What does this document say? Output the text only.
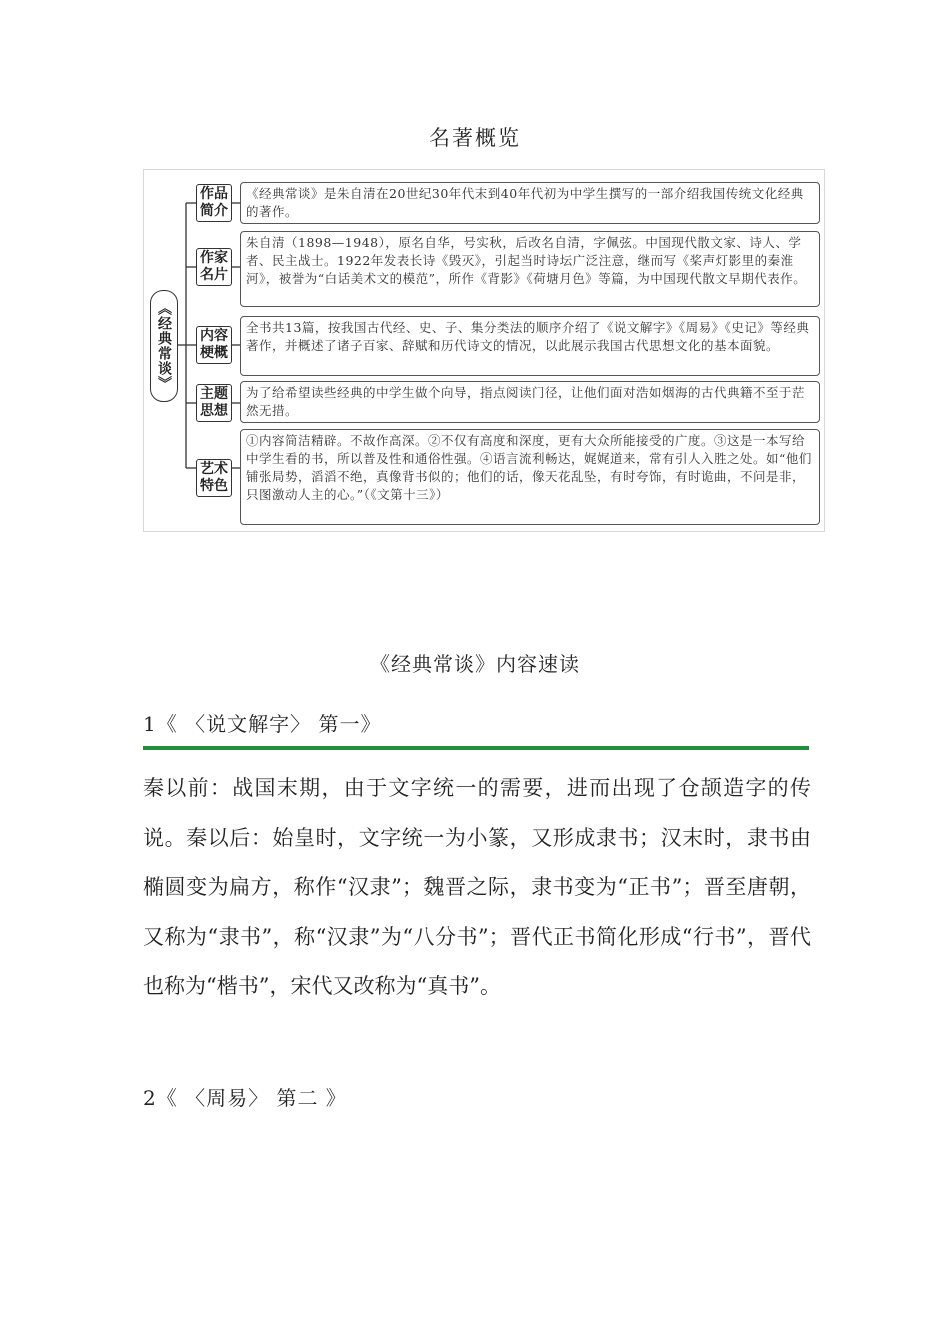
名著概览
《经典常谈》
作品简介
《经典常谈》是朱自清在20世纪30年代末到40年代初为中学生撰写的一部介绍我国传统文化经典的著作。
作家名片
朱自清（1898—1948），原名自华，号实秋，后改名自清，字佩弦。中国现代散文家、诗人、学者、民主战士。1922年发表长诗《毁灭》，引起当时诗坛广泛注意，继而写《桨声灯影里的秦淮河》，被誉为“白话美术文的模范”，所作《背影》《荷塘月色》等篇，为中国现代散文早期代表作。
内容梗概
全书共13篇，按我国古代经、史、子、集分类法的顺序介绍了《说文解字》《周易》《史记》等经典著作，并概述了诸子百家、辞赋和历代诗文的情况，以此展示我国古代思想文化的基本面貌。
主题思想
为了给希望读些经典的中学生做个向导，指点阅读门径，让他们面对浩如烟海的古代典籍不至于茫然无措。
艺术特色
①内容简洁精辟。不故作高深。②不仅有高度和深度，更有大众所能接受的广度。③这是一本写给中学生看的书，所以普及性和通俗性强。④语言流利畅达，娓娓道来，常有引人入胜之处。如“他们铺张局势，滔滔不绝，真像背书似的；他们的话，像天花乱坠，有时夸饰，有时诡曲，不问是非，只图激动人主的心。”（《文第十三》）
《经典常谈》内容速读
1《 〈说文解字〉 第一》
秦以前：战国末期，由于文字统一的需要，进而出现了仓颉造字的传说。秦以后：始皇时，文字统一为小篆，又形成隶书；汉末时，隶书由椭圆变为扁方，称作“汉隶”；魏晋之际，隶书变为“正书”；晋至唐朝，又称为“隶书”，称“汉隶”为“八分书”；晋代正书简化形成“行书”，晋代也称为“楷书”，宋代又改称为“真书”。
2《 〈周易〉 第二 》
